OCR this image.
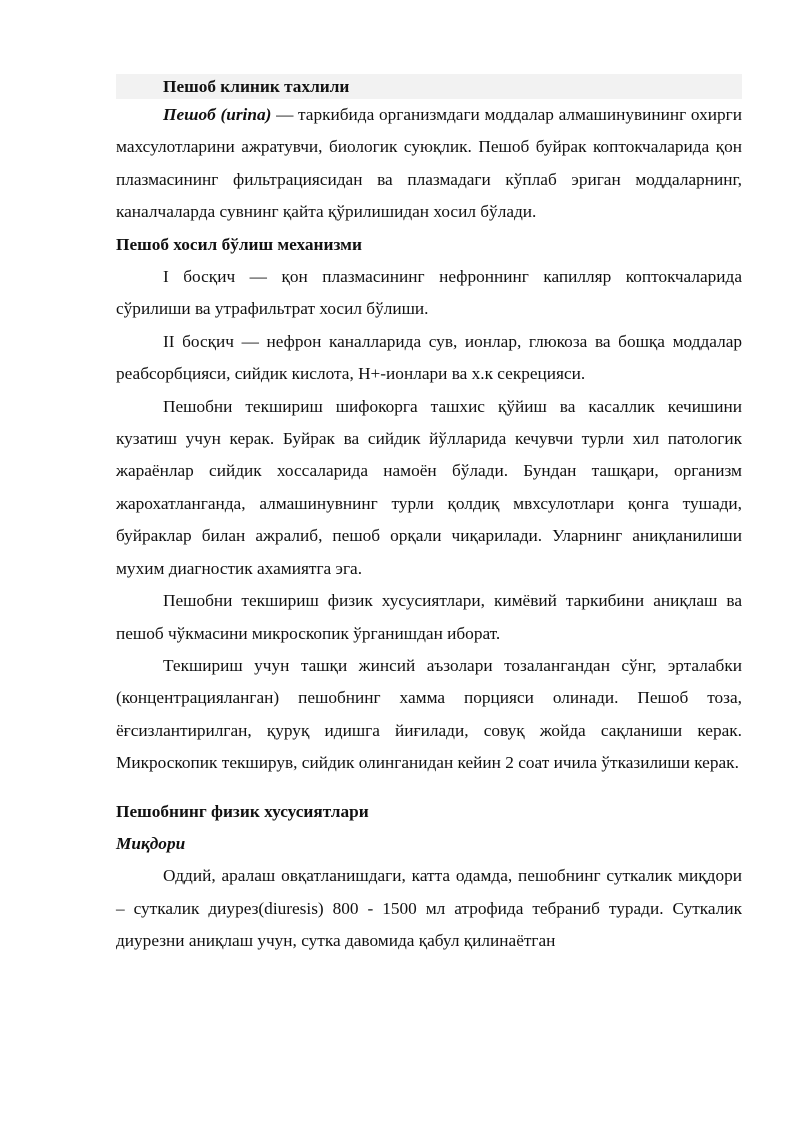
Пешоб клиник тахлили

Пешоб (urina) — таркибида организмдаги моддалар алмашинувининг охирги махсулотларини ажратувчи, биологик суюқлик. Пешоб буйрак коптокчаларида қон плазмасининг фильтрациясидан ва плазмадаги кўплаб эриган моддаларнинг, каналчаларда сувнинг қайта қўрилишидан хосил бўлади.

Пешоб хосил бўлиш механизми

I босқич — қон плазмасининг нефроннинг капилляр коптокчаларида сўрилиши ва утрафильтрат хосил бўлиши.

II босқич — нефрон каналларида сув, ионлар, глюкоза ва бошқа моддалар реабсорбцияси, сийдик кислота, Н+-ионлари ва х.к секрецияси.

Пешобни текшириш шифокорга ташхис қўйиш ва касаллик кечишини кузатиш учун керак. Буйрак ва сийдик йўлларида кечувчи турли хил патологик жараёнлар сийдик хоссаларида намоён бўлади. Бундан ташқари, организм жарохатланганда, алмашинувнинг турли қолдиқ мвхсулотлари қонга тушади, буйраклар билан ажралиб, пешоб орқали чиқарилади. Уларнинг аниқланилиши мухим диагностик ахамиятга эга.

Пешобни текшириш физик хусусиятлари, кимёвий таркибини аниқлаш ва пешоб чўкмасини микроскопик ўрганишдан иборат.

Текшириш учун ташқи жинсий аъзолари тозалангандан сўнг, эрталабки (концентрацияланган) пешобнинг хамма порцияси олинади. Пешоб тоза, ёғсизлантирилган, қуруқ идишга йиғилади, совуқ жойда сақланиши керак. Микроскопик текширув, сийдик олинганидан кейин 2 соат ичила ўтказилиши керак.

Пешобнинг физик хусусиятлари
Миқдори

Оддий, аралаш овқатланишдаги, катта одамда, пешобнинг суткалик миқдори – суткалик диурез(diuresis) 800 - 1500 мл атрофида тебраниб туради. Суткалик диурезни аниқлаш учун, сутка давомида қабул қилинаётган
